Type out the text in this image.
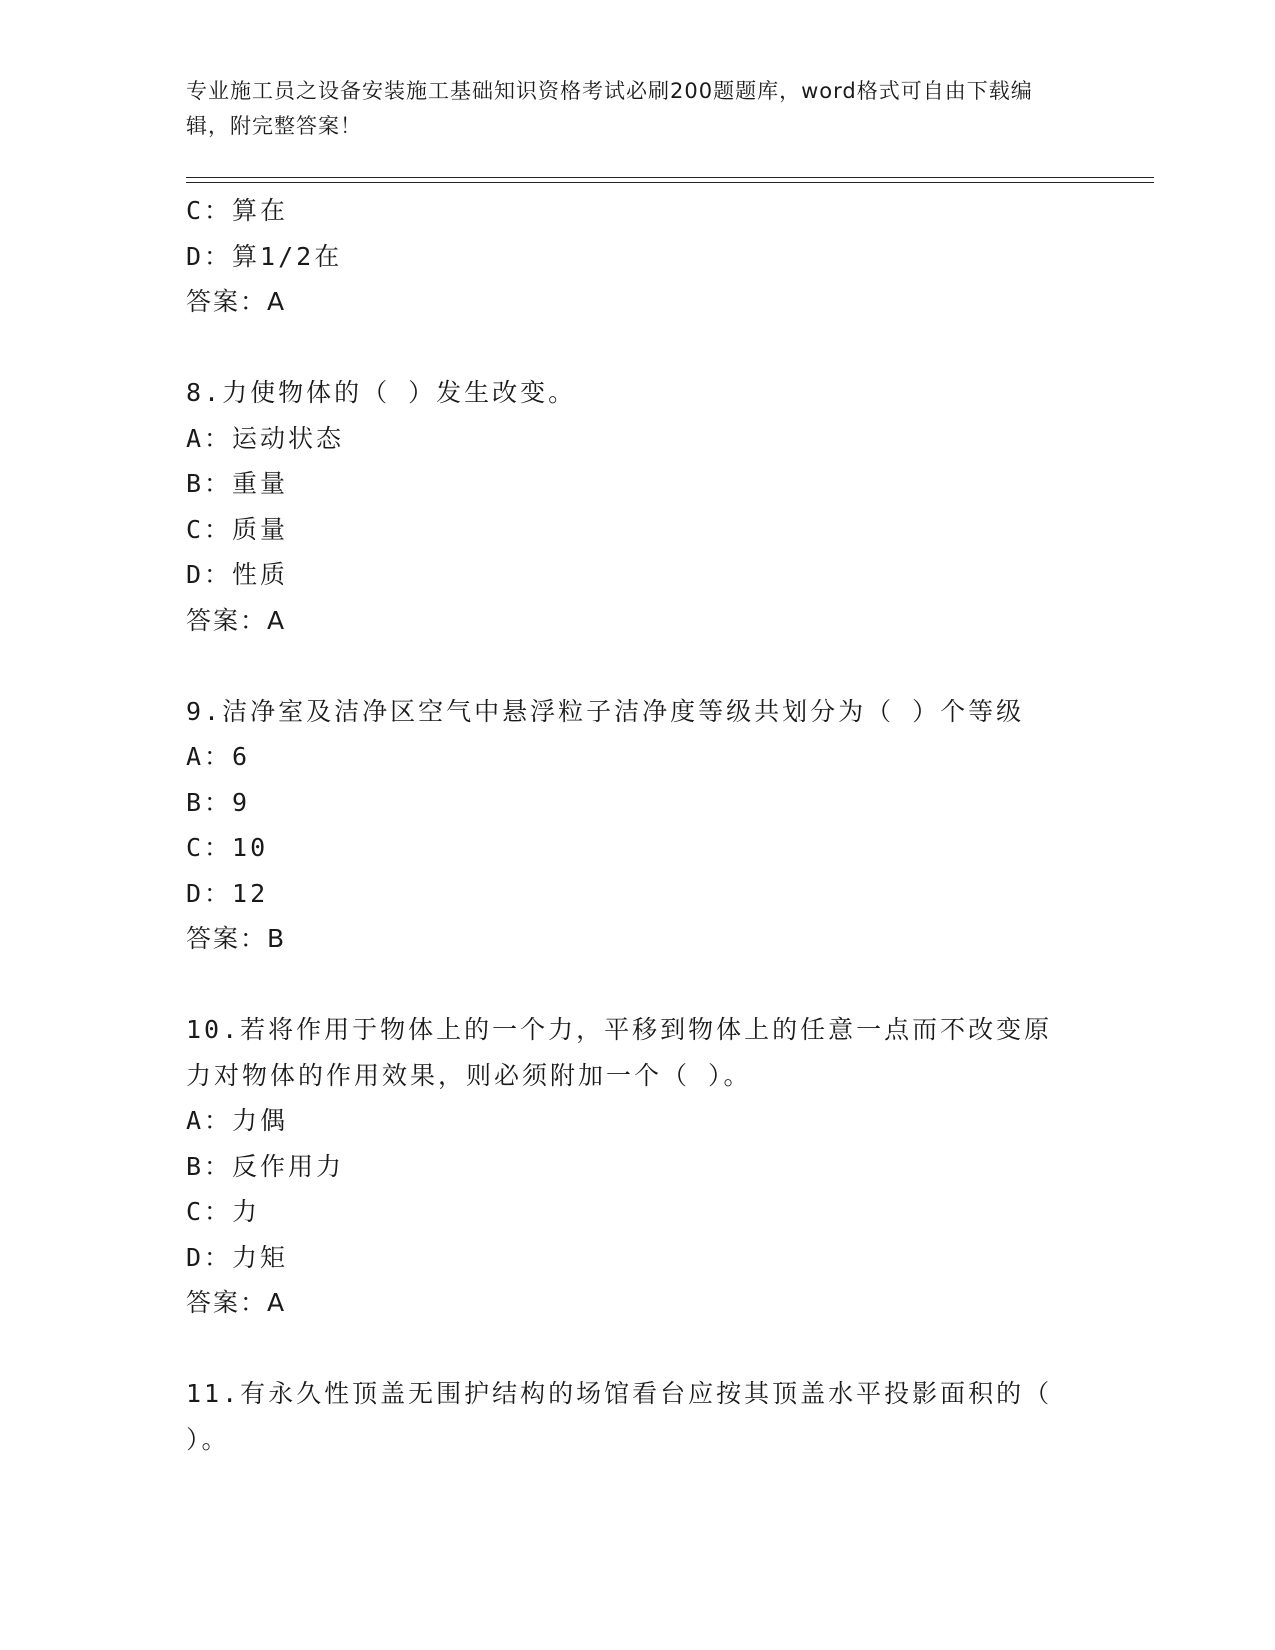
专业施工员之设备安装施工基础知识资格考试必刷200题题库，word格式可自由下载编辑，附完整答案！
C：算在
D：算1/2在
答案：A
8.力使物体的（ ）发生改变。
A：运动状态
B：重量
C：质量
D：性质
答案：A
9.洁净室及洁净区空气中悬浮粒子洁净度等级共划分为（ ）个等级
A：6
B：9
C：10
D：12
答案：B
10.若将作用于物体上的一个力，平移到物体上的任意一点而不改变原
力对物体的作用效果，则必须附加一个（ ）。
A：力偶
B：反作用力
C：力
D：力矩
答案：A
11.有永久性顶盖无围护结构的场馆看台应按其顶盖水平投影面积的（
）。
